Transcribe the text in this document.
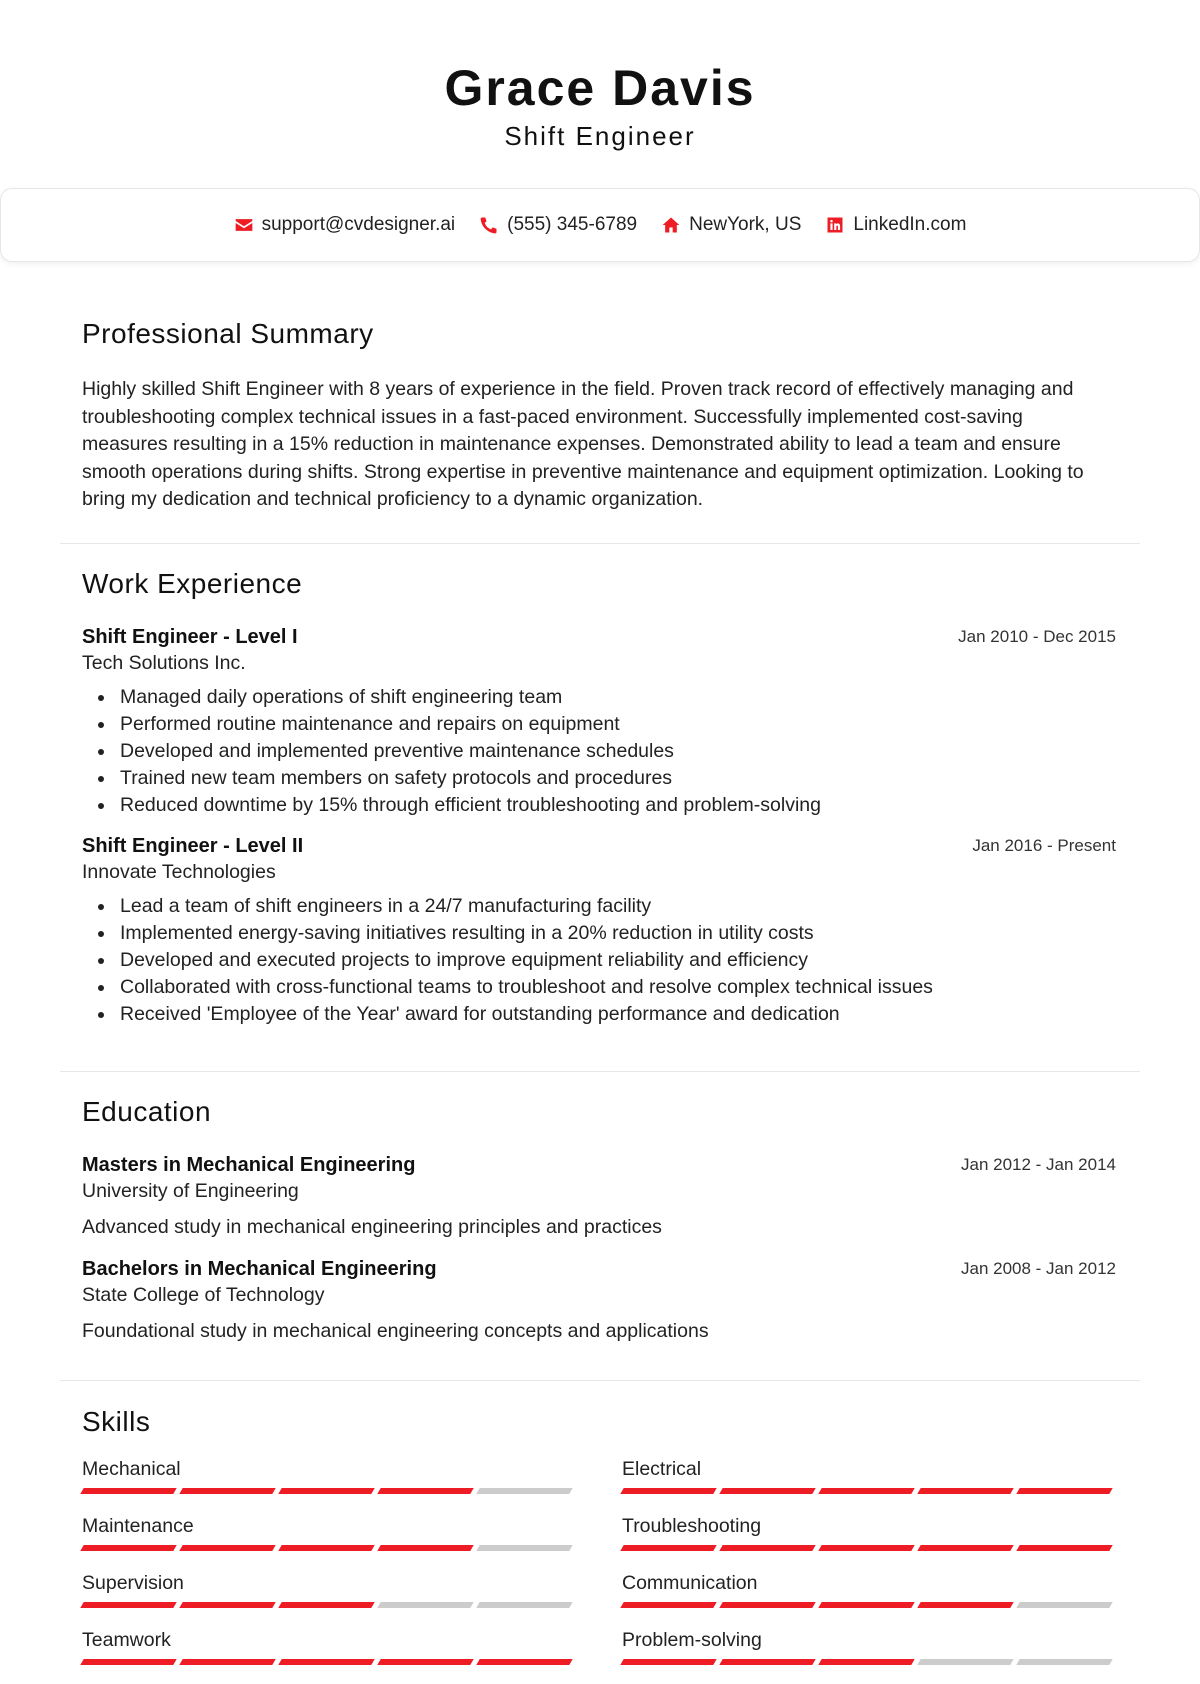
Grace Davis
Shift Engineer
support@cvdesigner.ai	(555) 345-6789	NewYork, US	LinkedIn.com
Professional Summary
Highly skilled Shift Engineer with 8 years of experience in the field. Proven track record of effectively managing and troubleshooting complex technical issues in a fast-paced environment. Successfully implemented cost-saving measures resulting in a 15% reduction in maintenance expenses. Demonstrated ability to lead a team and ensure smooth operations during shifts. Strong expertise in preventive maintenance and equipment optimization. Looking to bring my dedication and technical proficiency to a dynamic organization.
Work Experience
Shift Engineer - Level I	Jan 2010 - Dec 2015
Tech Solutions Inc.
Managed daily operations of shift engineering team
Performed routine maintenance and repairs on equipment
Developed and implemented preventive maintenance schedules
Trained new team members on safety protocols and procedures
Reduced downtime by 15% through efficient troubleshooting and problem-solving
Shift Engineer - Level II	Jan 2016 - Present
Innovate Technologies
Lead a team of shift engineers in a 24/7 manufacturing facility
Implemented energy-saving initiatives resulting in a 20% reduction in utility costs
Developed and executed projects to improve equipment reliability and efficiency
Collaborated with cross-functional teams to troubleshoot and resolve complex technical issues
Received 'Employee of the Year' award for outstanding performance and dedication
Education
Masters in Mechanical Engineering	Jan 2012 - Jan 2014
University of Engineering
Advanced study in mechanical engineering principles and practices
Bachelors in Mechanical Engineering	Jan 2008 - Jan 2012
State College of Technology
Foundational study in mechanical engineering concepts and applications
Skills
Mechanical	Electrical
Maintenance	Troubleshooting
Supervision	Communication
Teamwork	Problem-solving
